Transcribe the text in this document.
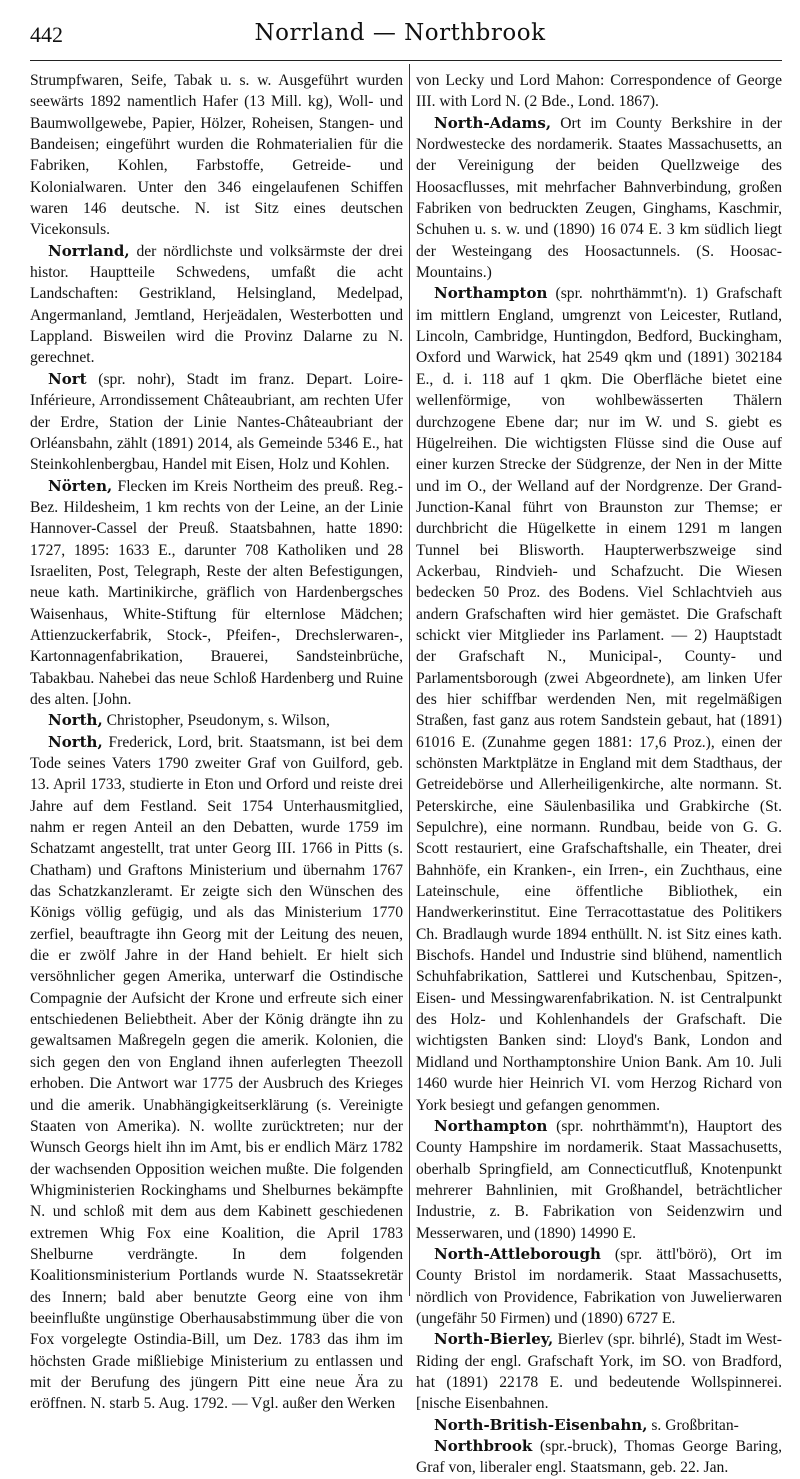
442	Norrland — Northbrook

Strumpfwaren, Seife, Tabak u. s. w. Ausgeführt wurden seewärts 1892 namentlich Hafer (13 Mill. kg), Woll- und Baumwollgewebe, Papier, Hölzer, Roheisen, Stangen- und Bandeisen; eingeführt wurden die Rohmaterialien für die Fabriken, Kohlen, Farbstoffe, Getreide- und Kolonialwaren. Unter den 346 eingelaufenen Schiffen waren 146 deutsche. N. ist Sitz eines deutschen Vicekonsuls.

Norrland, der nördlichste und volksärmste der drei histor. Hauptteile Schwedens, umfaßt die acht Landschaften: Gestrikland, Helsingland, Medelpad, Angermanland, Jemtland, Herjeädalen, Westerbotten und Lappland. Bisweilen wird die Provinz Dalarne zu N. gerechnet.

Nort (spr. nohr), Stadt im franz. Depart. Loire-Inférieure, Arrondissement Châteaubriant, am rechten Ufer der Erdre, Station der Linie Nantes-Châteaubriant der Orléansbahn, zählt (1891) 2014, als Gemeinde 5346 E., hat Steinkohlenbergbau, Handel mit Eisen, Holz und Kohlen.

Nörten, Flecken im Kreis Northeim des preuß. Reg.-Bez. Hildesheim, 1 km rechts von der Leine, an der Linie Hannover-Cassel der Preuß. Staatsbahnen, hatte 1890: 1727, 1895: 1633 E., darunter 708 Katholiken und 28 Israeliten, Post, Telegraph, Reste der alten Befestigungen, neue kath. Martinikirche, gräflich von Hardenbergsches Waisenhaus, White-Stiftung für elternlose Mädchen; Attienzuckerfabrik, Stock-, Pfeifen-, Drechslerwaren-, Kartonnagenfabrikation, Brauerei, Sandsteinbrüche, Tabakbau. Nahebei das neue Schloß Hardenberg und Ruine des alten. [John.

North, Christopher, Pseudonym, s. Wilson,

North, Frederick, Lord, brit. Staatsmann, ist bei dem Tode seines Vaters 1790 zweiter Graf von Guilford, geb. 13. April 1733, studierte in Eton und Orford und reiste drei Jahre auf dem Festland. Seit 1754 Unterhausmitglied, nahm er regen Anteil an den Debatten, wurde 1759 im Schatzamt angestellt, trat unter Georg III. 1766 in Pitts (s. Chatham) und Graftons Ministerium und übernahm 1767 das Schatzkanzleramt. Er zeigte sich den Wünschen des Königs völlig gefügig, und als das Ministerium 1770 zerfiel, beauftragte ihn Georg mit der Leitung des neuen, die er zwölf Jahre in der Hand behielt. Er hielt sich versöhnlicher gegen Amerika, unterwarf die Ostindische Compagnie der Aufsicht der Krone und erfreute sich einer entschiedenen Beliebtheit. Aber der König drängte ihn zu gewaltsamen Maßregeln gegen die amerik. Kolonien, die sich gegen den von England ihnen auferlegten Theezoll erhoben. Die Antwort war 1775 der Ausbruch des Krieges und die amerik. Unabhängigkeitserklärung (s. Vereinigte Staaten von Amerika). N. wollte zurücktreten; nur der Wunsch Georgs hielt ihn im Amt, bis er endlich März 1782 der wachsenden Opposition weichen mußte. Die folgenden Whigministerien Rockinghams und Shelburnes bekämpfte N. und schloß mit dem aus dem Kabinett geschiedenen extremen Whig Fox eine Koalition, die April 1783 Shelburne verdrängte. In dem folgenden Koalitionsministerium Portlands wurde N. Staatssekretär des Innern; bald aber benutzte Georg eine von ihm beeinflußte ungünstige Oberhausabstimmung über die von Fox vorgelegte Ostindia-Bill, um Dez. 1783 das ihm im höchsten Grade mißliebige Ministerium zu entlassen und mit der Berufung des jüngern Pitt eine neue Ära zu eröffnen. N. starb 5. Aug. 1792. — Vgl. außer den Werken

von Lecky und Lord Mahon: Correspondence of George III. with Lord N. (2 Bde., Lond. 1867).

North-Adams, Ort im County Berkshire in der Nordwestecke des nordamerik. Staates Massachusetts, an der Vereinigung der beiden Quellzweige des Hoosacflusses, mit mehrfacher Bahnverbindung, großen Fabriken von bedruckten Zeugen, Ginghams, Kaschmir, Schuhen u. s. w. und (1890) 16 074 E. 3 km südlich liegt der Westeingang des Hoosactunnels. (S. Hoosac-Mountains.)

Northampton (spr. nohrthämmt'n). 1) Grafschaft im mittlern England, umgrenzt von Leicester, Rutland, Lincoln, Cambridge, Huntingdon, Bedford, Buckingham, Oxford und Warwick, hat 2549 qkm und (1891) 302184 E., d. i. 118 auf 1 qkm. Die Oberfläche bietet eine wellenförmige, von wohlbewässerten Thälern durchzogene Ebene dar; nur im W. und S. giebt es Hügelreihen. Die wichtigsten Flüsse sind die Ouse auf einer kurzen Strecke der Südgrenze, der Nen in der Mitte und im O., der Welland auf der Nordgrenze. Der Grand-Junction-Kanal führt von Braunston zur Themse; er durchbricht die Hügelkette in einem 1291 m langen Tunnel bei Blisworth. Haupterwerbszweige sind Ackerbau, Rindvieh- und Schafzucht. Die Wiesen bedecken 50 Proz. des Bodens. Viel Schlachtvieh aus andern Grafschaften wird hier gemästet. Die Grafschaft schickt vier Mitglieder ins Parlament. — 2) Hauptstadt der Grafschaft N., Municipal-, County- und Parlamentsborough (zwei Abgeordnete), am linken Ufer des hier schiffbar werdenden Nen, mit regelmäßigen Straßen, fast ganz aus rotem Sandstein gebaut, hat (1891) 61016 E. (Zunahme gegen 1881: 17,6 Proz.), einen der schönsten Marktplätze in England mit dem Stadthaus, der Getreidebörse und Allerheiligenkirche, alte normann. St. Peterskirche, eine Säulenbasilika und Grabkirche (St. Sepulchre), eine normann. Rundbau, beide von G. G. Scott restauriert, eine Grafschaftshalle, ein Theater, drei Bahnhöfe, ein Kranken-, ein Irren-, ein Zuchthaus, eine Lateinschule, eine öffentliche Bibliothek, ein Handwerkerinstitut. Eine Terracottastatue des Politikers Ch. Bradlaugh wurde 1894 enthüllt. N. ist Sitz eines kath. Bischofs. Handel und Industrie sind blühend, namentlich Schuhfabrikation, Sattlerei und Kutschenbau, Spitzen-, Eisen- und Messingwarenfabrikation. N. ist Centralpunkt des Holz- und Kohlenhandels der Grafschaft. Die wichtigsten Banken sind: Lloyd's Bank, London and Midland und Northamptonshire Union Bank. Am 10. Juli 1460 wurde hier Heinrich VI. vom Herzog Richard von York besiegt und gefangen genommen.

Northampton (spr. nohrthämmt'n), Hauptort des County Hampshire im nordamerik. Staat Massachusetts, oberhalb Springfield, am Connecticutfluß, Knotenpunkt mehrerer Bahnlinien, mit Großhandel, beträchtlicher Industrie, z. B. Fabrikation von Seidenzwirn und Messerwaren, und (1890) 14990 E.

North-Attleborough (spr. ättl'börö), Ort im County Bristol im nordamerik. Staat Massachusetts, nördlich von Providence, Fabrikation von Juwelierwaren (ungefähr 50 Firmen) und (1890) 6727 E.

North-Bierley, Bierlev (spr. bihrlé), Stadt im West-Riding der engl. Grafschaft York, im SO. von Bradford, hat (1891) 22178 E. und bedeutende Wollspinnerei. [nische Eisenbahnen.

North-British-Eisenbahn, s. Großbritan-

Northbrook (spr.-bruck), Thomas George Baring, Graf von, liberaler engl. Staatsmann, geb. 22. Jan.
